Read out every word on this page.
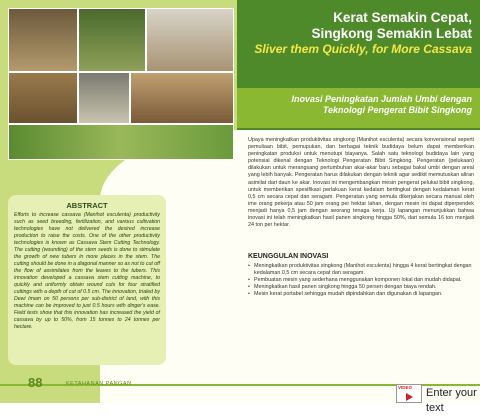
Kerat Semakin Cepat,
Singkong Semakin Lebat
Sliver them Quickly, for More Cassava
Inovasi Peningkatan Jumlah Umbi dengan
Teknologi Pengerat Bibit Singkong
ABSTRACT

Efforts to increase cassava (Manihot esculenta) productivity such as seed breeding, fertilization, and various cultivation technologies have not delivered the desired increase production to raise the costs. One of the other productivity technologies is known as Cassava Stem Cutting Technology. The cutting (wounding) of the stem seeds is done to stimulate the growth of new tubers in more places in the stem. The cutting should be done in a diagonal manner so as not to cut off the flow of assimilates from the leaves to the tubers. This innovation developed a cassava stem cutting machine, to quickly and uniformly obtain wound cuts for four stratified cuttings with a depth of cut of 0.5 cm. The innovation, trialed by Dewi Imam on 50 persons per sub-district of land, with this machine can be improved to just 0.5 hours with dinger's ease. Field tests show that this innovation has increased the yield of cassava by up to 50%, from 15 tonnes to 24 tonnes per hectare.

Upaya meningkatkan produktivitas singkong (Manihot esculenta) secara konvensional seperti pemuliaan bibit, pemupukan, dan berbagai teknik budidaya belum dapat memberikan peningkatan produksi untuk menutupi biayanya. Salah satu teknologi budidaya lain yang potensial dikenal dengan Teknologi Pengeratan Bibit Singkong. Pengeratan (pelukaan) dilakukan untuk merangsang pertumbuhan akar-akar baru sebagai bakal umbi dengan areal yang lebih banyak. Pengeratan harus dilakukan dengan teknik agar sedikit memutuskan aliran asimilat dari daun ke akar. Inovasi ini mengembangkan mesin pengerat pelukai bibit singkong, untuk memberikan spesifikasi perlakuan kerat kedalam bertingkat dengan kedalaman kerat 0,5 cm secara cepat dan seragam. Pengeratan yang semula dikerjakan secara manual oleh ime orang pekerja atau 50 jam orang per hektar lahan, dengan mesin ini dapat diperpendek menjadi hanya 0,5 jam dengan seorang tenaga kerja. Uji lapangan menunjukkan bahwa inovasi ini telah meningkatkan hasil panen singkong hingga 50%, dari semula 16 ton menjadi 24 ton per hektar.

KEUNGGULAN INOVASI
• Meningkatkan produktivitas singkong (Manihot esculenta) hingga 4 kerat bertingkat dengan kedalaman 0,5 cm secara cepat dan seragam.
• Pembuatan mesin yang sederhana menggunakan komponen lokal dan mudah didapat.
• Meningkatkan hasil panen singkong hingga 50 persen dengan biaya rendah.
• Mesin kerat portabel sehingga mudah dipindahkan dan digunakan di lapangan.
88	KETAHANAN PANGAN
VIDEO Enter your text
